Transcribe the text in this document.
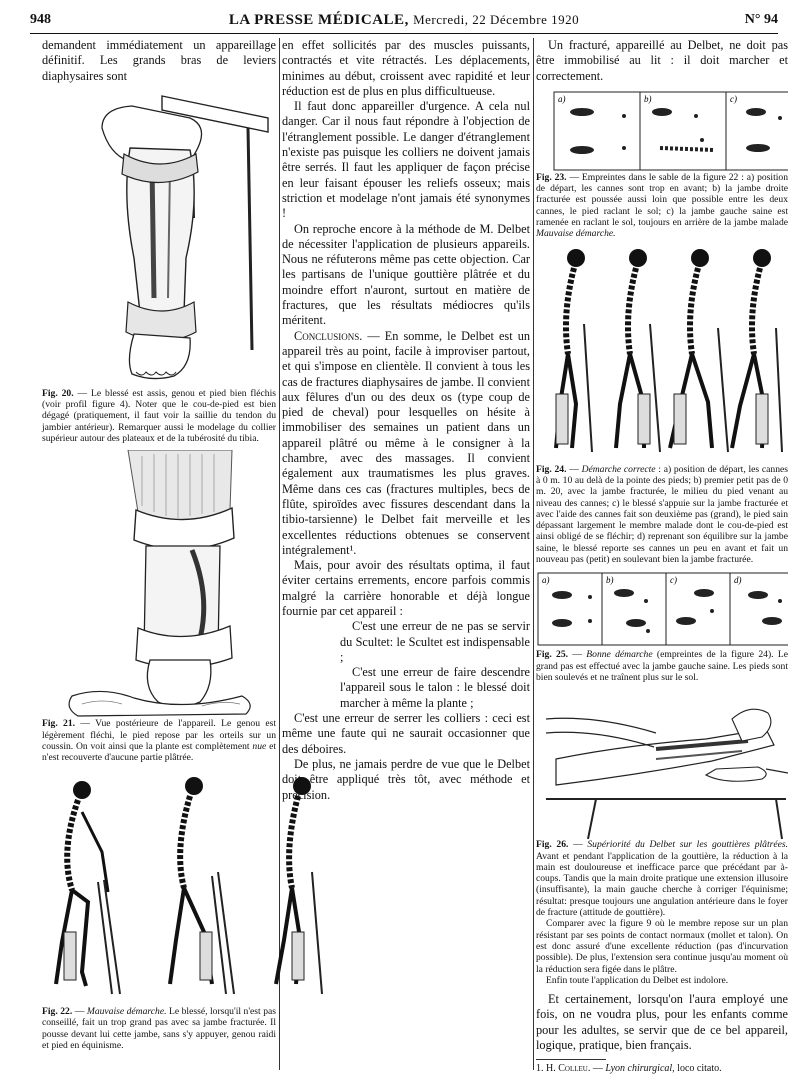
948	LA PRESSE MÉDICALE, Mercredi, 22 Décembre 1920	N° 94

demandent immédiatement un appareillage définitif. Les grands bras de leviers diaphysaires sont

Fig. 20. — Le blessé est assis, genou et pied bien fléchis (voir profil figure 4). Noter que le cou-de-pied est bien dégagé (pratiquement, il faut voir la saillie du tendon du jambier antérieur). Remarquer aussi le modelage du collier supérieur autour des plateaux et de la tubérosité du tibia.
Fig. 21. — Vue postérieure de l'appareil. Le genou est légèrement fléchi, le pied repose par les orteils sur un coussin. On voit ainsi que la plante est complètement nue et n'est recouverte d'aucune partie plâtrée.
Fig. 22. — Mauvaise démarche. Le blessé, lorsqu'il n'est pas conseillé, fait un trop grand pas avec sa jambe fracturée. Il pousse devant lui cette jambe, sans s'y appuyer, genou raidi et pied en équinisme.

en effet sollicités par des muscles puissants, contractés et vite rétractés. Les déplacements, minimes au début, croissent avec rapidité et leur réduction est de plus en plus difficultueuse.

Il faut donc appareiller d'urgence. A cela nul danger. Car il nous faut répondre à l'objection de l'étranglement possible. Le danger d'étranglement n'existe pas puisque les colliers ne doivent jamais être serrés. Il faut les appliquer de façon précise en leur faisant épouser les reliefs osseux; mais striction et modelage n'ont jamais été synonymes !

On reproche encore à la méthode de M. Delbet de nécessiter l'application de plusieurs appareils. Nous ne réfuterons même pas cette objection. Car les partisans de l'unique gouttière plâtrée et du moindre effort n'auront, surtout en matière de fractures, que les résultats médiocres qu'ils méritent.

Conclusions. — En somme, le Delbet est un appareil très au point, facile à improviser partout, et qui s'impose en clientèle. Il convient à tous les cas de fractures diaphysaires de jambe. Il convient aux fêlures d'un ou des deux os (type coup de pied de cheval) pour lesquelles on hésite à immobiliser des semaines un patient dans un appareil plâtré ou même à le consigner à la chambre, avec des massages. Il convient également aux traumatismes les plus graves. Même dans ces cas (fractures multiples, becs de flûte, spiroïdes avec fissures descendant dans la tibio-tarsienne) le Delbet fait merveille et les excellentes réductions obtenues se conservent intégralement¹.

Mais, pour avoir des résultats optima, il faut éviter certains errements, encore parfois commis malgré la carrière honorable et déjà longue fournie par cet appareil :

C'est une erreur de ne pas se servir du Scultet: le Scultet est indispensable ;

C'est une erreur de faire descendre l'appareil sous le talon : le blessé doit marcher à même la plante ;

C'est une erreur de serrer les colliers : ceci est même une faute qui ne saurait occasionner que des déboires.

De plus, ne jamais perdre de vue que le Delbet doit être appliqué très tôt, avec méthode et précision.

Un fracturé, appareillé au Delbet, ne doit pas être immobilisé au lit : il doit marcher et correctement.

a)	b)	c)
Fig. 23. — Empreintes dans le sable de la figure 22 : a) position de départ, les cannes sont trop en avant; b) la jambe droite fracturée est poussée aussi loin que possible entre les deux cannes, le pied raclant le sol; c) la jambe gauche saine est ramenée en raclant le sol, toujours en arrière de la jambe malade Mauvaise démarche.
Fig. 24. — Démarche correcte : a) position de départ, les cannes à 0 m. 10 au delà de la pointe des pieds; b) premier petit pas de 0 m. 20, avec la jambe fracturée, le milieu du pied venant au niveau des cannes; c) le blessé s'appuie sur la jambe fracturée et avec l'aide des cannes fait son deuxième pas (grand), le pied sain dépassant largement le membre malade dont le cou-de-pied est ainsi obligé de se fléchir; d) reprenant son équilibre sur la jambe saine, le blessé reporte ses cannes un peu en avant et fait un nouveau pas (petit) en soulevant bien la jambe fracturée.
a)	b)	c)	d)
Fig. 25. — Bonne démarche (empreintes de la figure 24). Le grand pas est effectué avec la jambe gauche saine. Les pieds sont bien soulevés et ne traînent plus sur le sol.
Fig. 26. — Supériorité du Delbet sur les gouttières plâtrées. Avant et pendant l'application de la gouttière, la réduction à la main est douloureuse et inefficace parce que précédant par à-coups. Tandis que la main droite pratique une extension illusoire (insuffisante), la main gauche cherche à corriger l'équinisme; résultat: presque toujours une angulation antérieure dans le foyer de fracture (attitude de gouttière).
Comparer avec la figure 9 où le membre repose sur un plan résistant par ses points de contact normaux (mollet et talon). On est donc assuré d'une excellente réduction (pas d'incurvation possible). De plus, l'extension sera continue jusqu'au moment où la réduction sera figée dans le plâtre.
Enfin toute l'application du Delbet est indolore.

Et certainement, lorsqu'on l'aura employé une fois, on ne voudra plus, pour les enfants comme pour les adultes, se servir que de ce bel appareil, logique, pratique, bien français.

1. H. Colleu. — Lyon chirurgical, loco citato.
